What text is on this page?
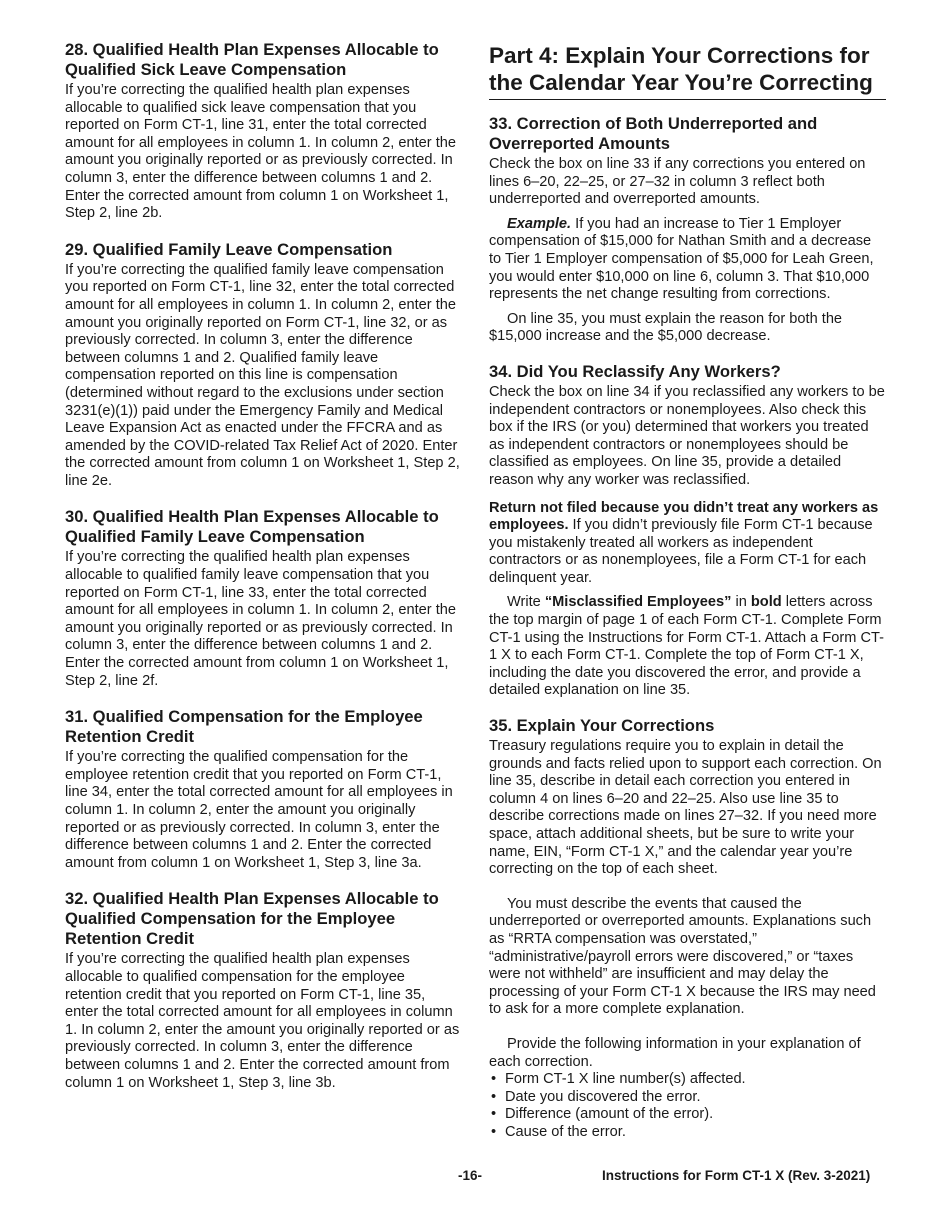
28. Qualified Health Plan Expenses Allocable to Qualified Sick Leave Compensation

If you’re correcting the qualified health plan expenses allocable to qualified sick leave compensation that you reported on Form CT-1, line 31, enter the total corrected amount for all employees in column 1. In column 2, enter the amount you originally reported or as previously corrected. In column 3, enter the difference between columns 1 and 2. Enter the corrected amount from column 1 on Worksheet 1, Step 2, line 2b.

29. Qualified Family Leave Compensation

If you’re correcting the qualified family leave compensation you reported on Form CT-1, line 32, enter the total corrected amount for all employees in column 1. In column 2, enter the amount you originally reported on Form CT-1, line 32, or as previously corrected. In column 3, enter the difference between columns 1 and 2. Qualified family leave compensation reported on this line is compensation (determined without regard to the exclusions under section 3231(e)(1)) paid under the Emergency Family and Medical Leave Expansion Act as enacted under the FFCRA and as amended by the COVID-related Tax Relief Act of 2020. Enter the corrected amount from column 1 on Worksheet 1, Step 2, line 2e.

30. Qualified Health Plan Expenses Allocable to Qualified Family Leave Compensation

If you’re correcting the qualified health plan expenses allocable to qualified family leave compensation that you reported on Form CT-1, line 33, enter the total corrected amount for all employees in column 1. In column 2, enter the amount you originally reported or as previously corrected. In column 3, enter the difference between columns 1 and 2. Enter the corrected amount from column 1 on Worksheet 1, Step 2, line 2f.

31. Qualified Compensation for the Employee Retention Credit

If you’re correcting the qualified compensation for the employee retention credit that you reported on Form CT-1, line 34, enter the total corrected amount for all employees in column 1. In column 2, enter the amount you originally reported or as previously corrected. In column 3, enter the difference between columns 1 and 2. Enter the corrected amount from column 1 on Worksheet 1, Step 3, line 3a.

32. Qualified Health Plan Expenses Allocable to Qualified Compensation for the Employee Retention Credit

If you’re correcting the qualified health plan expenses allocable to qualified compensation for the employee retention credit that you reported on Form CT-1, line 35, enter the total corrected amount for all employees in column 1. In column 2, enter the amount you originally reported or as previously corrected. In column 3, enter the difference between columns 1 and 2. Enter the corrected amount from column 1 on Worksheet 1, Step 3, line 3b.

Part 4: Explain Your Corrections for the Calendar Year You’re Correcting
33. Correction of Both Underreported and Overreported Amounts

Check the box on line 33 if any corrections you entered on lines 6–20, 22–25, or 27–32 in column 3 reflect both underreported and overreported amounts.

Example. If you had an increase to Tier 1 Employer compensation of $15,000 for Nathan Smith and a decrease to Tier 1 Employer compensation of $5,000 for Leah Green, you would enter $10,000 on line 6, column 3. That $10,000 represents the net change resulting from corrections.

On line 35, you must explain the reason for both the $15,000 increase and the $5,000 decrease.

34. Did You Reclassify Any Workers?

Check the box on line 34 if you reclassified any workers to be independent contractors or nonemployees. Also check this box if the IRS (or you) determined that workers you treated as independent contractors or nonemployees should be classified as employees. On line 35, provide a detailed reason why any worker was reclassified.

Return not filed because you didn’t treat any workers as employees. If you didn’t previously file Form CT-1 because you mistakenly treated all workers as independent contractors or as nonemployees, file a Form CT-1 for each delinquent year.

Write “Misclassified Employees” in bold letters across the top margin of page 1 of each Form CT-1. Complete Form CT-1 using the Instructions for Form CT-1. Attach a Form CT-1 X to each Form CT-1. Complete the top of Form CT-1 X, including the date you discovered the error, and provide a detailed explanation on line 35.

35. Explain Your Corrections

Treasury regulations require you to explain in detail the grounds and facts relied upon to support each correction. On line 35, describe in detail each correction you entered in column 4 on lines 6–20 and 22–25. Also use line 35 to describe corrections made on lines 27–32. If you need more space, attach additional sheets, but be sure to write your name, EIN, “Form CT-1 X,” and the calendar year you’re correcting on the top of each sheet.

You must describe the events that caused the underreported or overreported amounts. Explanations such as “RRTA compensation was overstated,” “administrative/payroll errors were discovered,” or “taxes were not withheld” are insufficient and may delay the processing of your Form CT-1 X because the IRS may need to ask for a more complete explanation.

Provide the following information in your explanation of each correction.

• Form CT-1 X line number(s) affected.
• Date you discovered the error.
• Difference (amount of the error).
• Cause of the error.
-16-	Instructions for Form CT-1 X (Rev. 3-2021)
